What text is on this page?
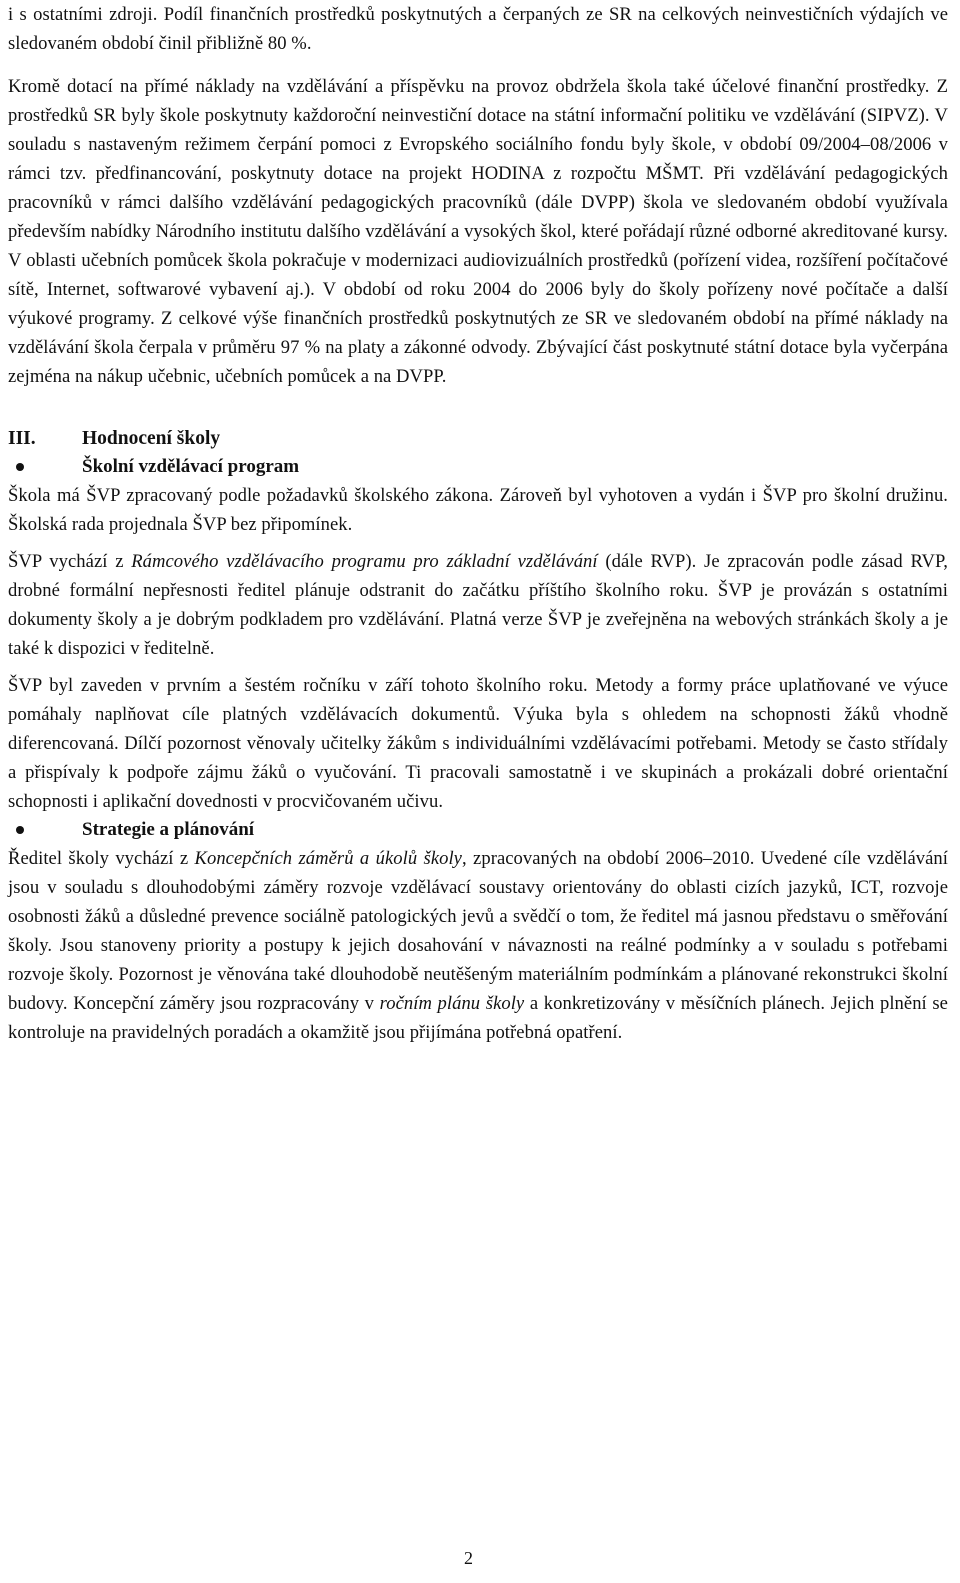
i s ostatními zdroji. Podíl finančních prostředků poskytnutých a čerpaných ze SR na celkových neinvestičních výdajích ve sledovaném období činil přibližně 80 %.

Kromě dotací na přímé náklady na vzdělávání a příspěvku na provoz obdržela škola také účelové finanční prostředky. Z prostředků SR byly škole poskytnuty každoroční neinvestiční dotace na státní informační politiku ve vzdělávání (SIPVZ). V souladu s nastaveným režimem čerpání pomoci z Evropského sociálního fondu byly škole, v období 09/2004–08/2006 v rámci tzv. předfinancování, poskytnuty dotace na projekt HODINA z rozpočtu MŠMT. Při vzdělávání pedagogických pracovníků v rámci dalšího vzdělávání pedagogických pracovníků (dále DVPP) škola ve sledovaném období využívala především nabídky Národního institutu dalšího vzdělávání a vysokých škol, které pořádají různé odborné akreditované kursy. V oblasti učebních pomůcek škola pokračuje v modernizaci audiovizuálních prostředků (pořízení videa, rozšíření počítačové sítě, Internet, softwarové vybavení aj.). V období od roku 2004 do 2006 byly do školy pořízeny nové počítače a další výukové programy. Z celkové výše finančních prostředků poskytnutých ze SR ve sledovaném období na přímé náklady na vzdělávání škola čerpala v průměru 97 % na platy a zákonné odvody. Zbývající část poskytnuté státní dotace byla vyčerpána zejména na nákup učebnic, učebních pomůcek a na DVPP.

III. Hodnocení školy
Školní vzdělávací program

Škola má ŠVP zpracovaný podle požadavků školského zákona. Zároveň byl vyhotoven a vydán i ŠVP pro školní družinu. Školská rada projednala ŠVP bez připomínek.

ŠVP vychází z Rámcového vzdělávacího programu pro základní vzdělávání (dále RVP). Je zpracován podle zásad RVP, drobné formální nepřesnosti ředitel plánuje odstranit do začátku příštího školního roku. ŠVP je provázán s ostatními dokumenty školy a je dobrým podkladem pro vzdělávání. Platná verze ŠVP je zveřejněna na webových stránkách školy a je také k dispozici v ředitelně.

ŠVP byl zaveden v prvním a šestém ročníku v září tohoto školního roku. Metody a formy práce uplatňované ve výuce pomáhaly naplňovat cíle platných vzdělávacích dokumentů. Výuka byla s ohledem na schopnosti žáků vhodně diferencovaná. Dílčí pozornost věnovaly učitelky žákům s individuálními vzdělávacími potřebami. Metody se často střídaly a přispívaly k podpoře zájmu žáků o vyučování. Ti pracovali samostatně i ve skupinách a prokázali dobré orientační schopnosti i aplikační dovednosti v procvičovaném učivu.

Strategie a plánování

Ředitel školy vychází z Koncepčních záměrů a úkolů školy, zpracovaných na období 2006–2010. Uvedené cíle vzdělávání jsou v souladu s dlouhodobými záměry rozvoje vzdělávací soustavy orientovány do oblasti cizích jazyků, ICT, rozvoje osobnosti žáků a důsledné prevence sociálně patologických jevů a svědčí o tom, že ředitel má jasnou představu o směřování školy. Jsou stanoveny priority a postupy k jejich dosahování v návaznosti na reálné podmínky a v souladu s potřebami rozvoje školy. Pozornost je věnována také dlouhodobě neutěšeným materiálním podmínkám a plánované rekonstrukci školní budovy. Koncepční záměry jsou rozpracovány v ročním plánu školy a konkretizovány v měsíčních plánech. Jejich plnění se kontroluje na pravidelných poradách a okamžitě jsou přijímána potřebná opatření.

2
